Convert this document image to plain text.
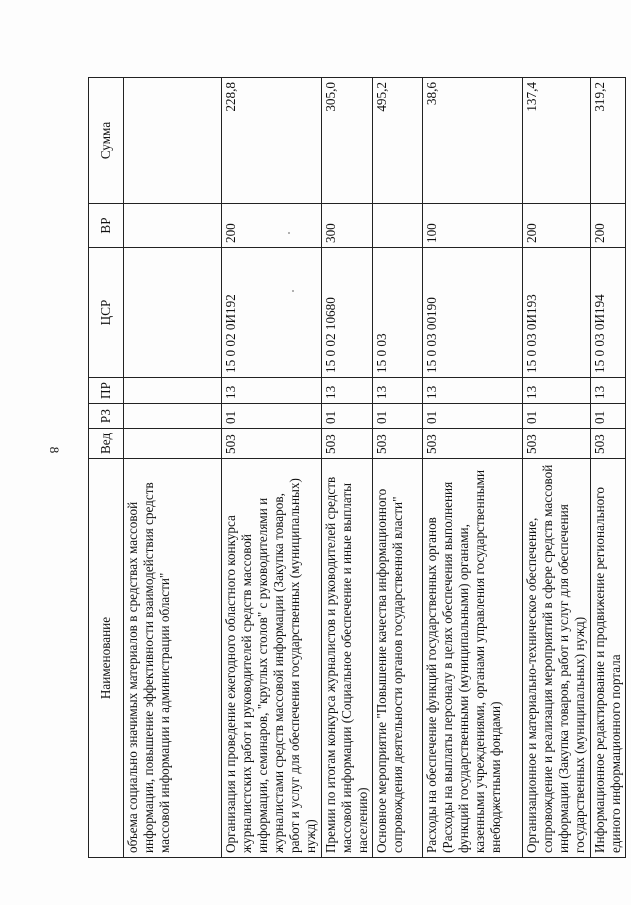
8
Наименование	Вед	РЗ	ПР	ЦСР	ВР	Сумма
объема социально значимых материалов в средствах массовой информации, повышение эффективности взаимодействия средств массовой информации и администрации области"						
Организация и проведение ежегодного областного конкурса журналистских работ и руководителей средств массовой информации, семинаров, "круглых столов" с руководителями и журналистами средств массовой информации (Закупка товаров, работ и услуг для обеспечения государственных (муниципальных) нужд)	503	01	13	15 0 02 0И192	200	228,8
Премии по итогам конкурса журналистов и руководителей средств массовой информации (Социальное обеспечение и иные выплаты населению)	503	01	13	15 0 02 10680	300	305,0
Основное мероприятие "Повышение качества информационного сопровождения деятельности органов государственной власти"	503	01	13	15 0 03		495,2
Расходы на обеспечение функций государственных органов (Расходы на выплаты персоналу в целях обеспечения выполнения функций государственными (муниципальными) органами, казенными учреждениями, органами управления государственными внебюджетными фондами)	503	01	13	15 0 03 00190	100	38,6
Организационное и материально-техническое обеспечение, сопровождение и реализация мероприятий в сфере средств массовой информации (Закупка товаров, работ и услуг для обеспечения государственных (муниципальных) нужд)	503	01	13	15 0 03 0И193	200	137,4
Информационное редактирование и продвижение регионального единого информационного портала	503	01	13	15 0 03 0И194	200	319,2
